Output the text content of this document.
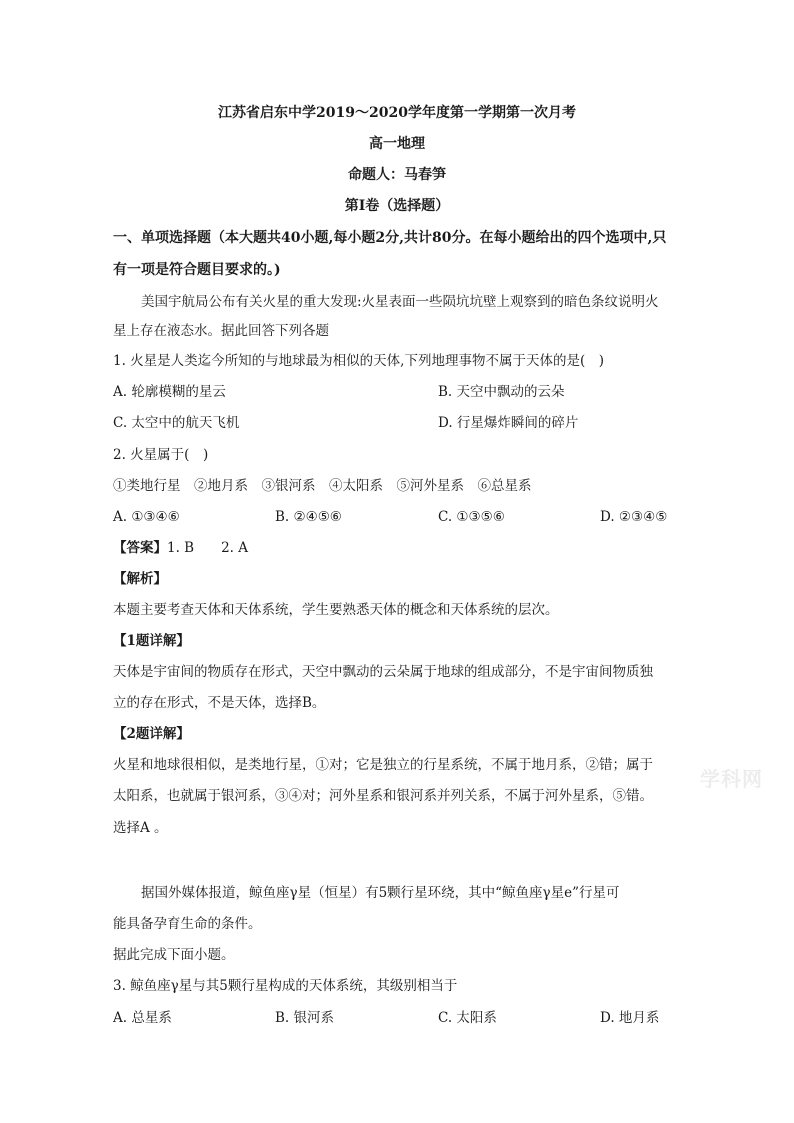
江苏省启东中学2019～2020学年度第一学期第一次月考
高一地理
命题人：马春笋
第Ⅰ卷（选择题）
一、单项选择题（本大题共40小题,每小题2分,共计80分。在每小题给出的四个选项中,只
有一项是符合题目要求的。)
美国宇航局公布有关火星的重大发现:火星表面一些陨坑坑壁上观察到的暗色条纹说明火
星上存在液态水。据此回答下列各题
1. 火星是人类迄今所知的与地球最为相似的天体,下列地理事物不属于天体的是(　)
A. 轮廓模糊的星云	B. 天空中飘动的云朵
C. 太空中的航天飞机	D. 行星爆炸瞬间的碎片
2. 火星属于(　)
①类地行星　②地月系　③银河系　④太阳系　⑤河外星系　⑥总星系
A. ①③④⑥	B. ②④⑤⑥	C. ①③⑤⑥	D. ②③④⑤
【答案】1. B　　2. A
【解析】
本题主要考查天体和天体系统，学生要熟悉天体的概念和天体系统的层次。
【1题详解】
天体是宇宙间的物质存在形式，天空中飘动的云朵属于地球的组成部分，不是宇宙间物质独
立的存在形式，不是天体，选择B。
【2题详解】
火星和地球很相似，是类地行星，①对；它是独立的行星系统，不属于地月系，②错；属于
太阳系，也就属于银河系，③④对；河外星系和银河系并列关系，不属于河外星系，⑤错。
选择A 。
学科网
据国外媒体报道，鲸鱼座γ星（恒星）有5颗行星环绕，其中“鲸鱼座γ星e”行星可
能具备孕育生命的条件。
据此完成下面小题。
3. 鲸鱼座γ星与其5颗行星构成的天体系统，其级别相当于
A. 总星系	B. 银河系	C. 太阳系	D. 地月系
